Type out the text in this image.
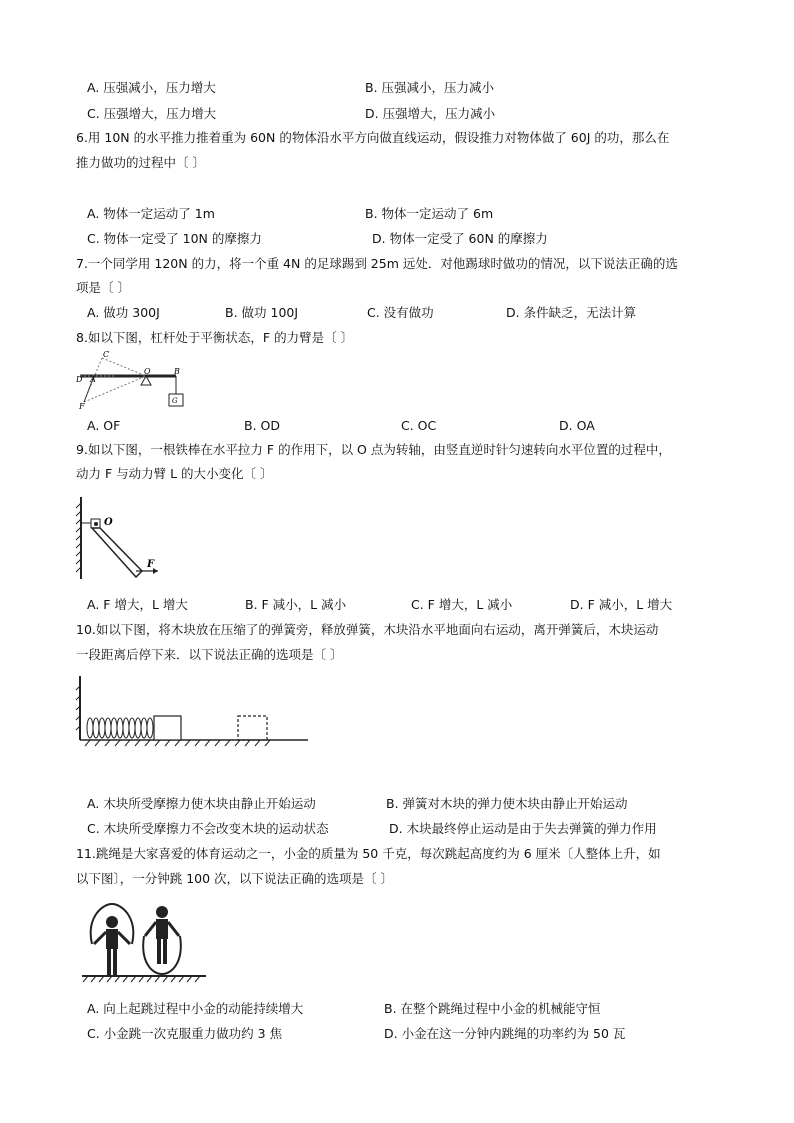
A. 压强减小，压力增大	B. 压强减小，压力减小
C. 压强增大，压力增大	D. 压强增大，压力减小
6.用 10N 的水平推力推着重为 60N 的物体沿水平方向做直线运动，假设推力对物体做了 60J 的功，那么在
推力做功的过程中〔 〕
A. 物体一定运动了 1m	B. 物体一定运动了 6m
C. 物体一定受了 10N 的摩擦力	D. 物体一定受了 60N 的摩擦力
7.一个同学用 120N 的力，将一个重 4N 的足球踢到 25m 远处．对他踢球时做功的情况，以下说法正确的选
项是〔 〕
A. 做功 300J	B. 做功 100J	C. 没有做功	D. 条件缺乏，无法计算
8.如以下图，杠杆处于平衡状态，F 的力臂是〔 〕
C
D A
O	B
F
G
A. OF	B. OD	C. OC	D. OA
9.如以下图，一根铁棒在水平拉力 F 的作用下，以 O 点为转轴，由竖直逆时针匀速转向水平位置的过程中，
动力 F 与动力臂 L 的大小变化〔 〕
O
F
A. F 增大，L 增大	B. F 减小，L 减小	C. F 增大，L 减小	D. F 减小，L 增大
10.如以下图，将木块放在压缩了的弹簧旁，释放弹簧，木块沿水平地面向右运动，离开弹簧后，木块运动
一段距离后停下来．以下说法正确的选项是〔 〕
A. 木块所受摩擦力使木块由静止开始运动	B. 弹簧对木块的弹力使木块由静止开始运动
C. 木块所受摩擦力不会改变木块的运动状态	D. 木块最终停止运动是由于失去弹簧的弹力作用
11.跳绳是大家喜爱的体育运动之一，小金的质量为 50 千克，每次跳起高度约为 6 厘米〔人整体上升，如
以下图〕，一分钟跳 100 次，以下说法正确的选项是〔 〕
A. 向上起跳过程中小金的动能持续增大	B. 在整个跳绳过程中小金的机械能守恒
C. 小金跳一次克服重力做功约 3 焦	D. 小金在这一分钟内跳绳的功率约为 50 瓦
